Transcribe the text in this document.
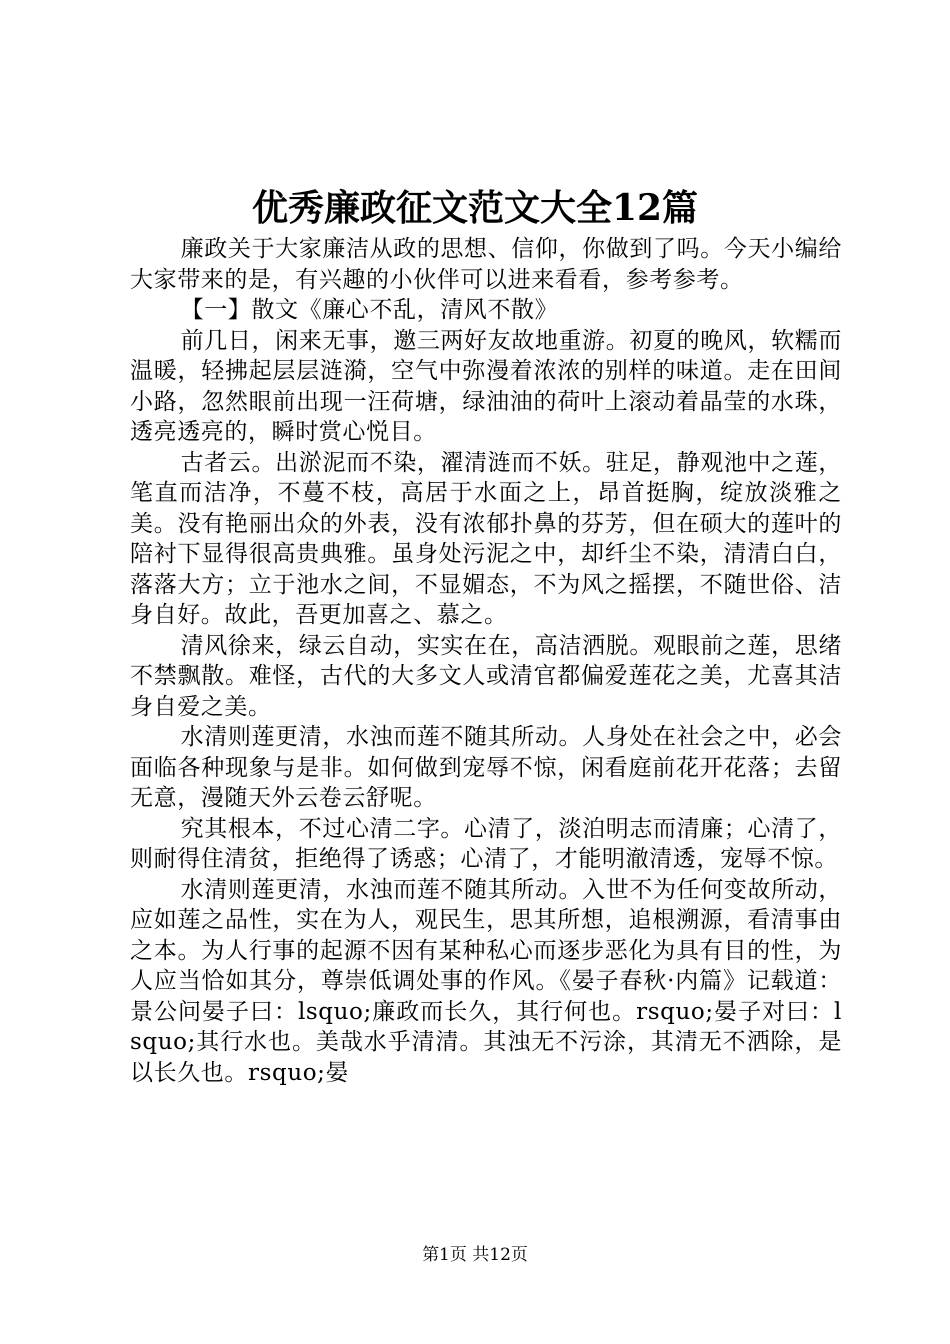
优秀廉政征文范文大全12篇

廉政关于大家廉洁从政的思想、信仰，你做到了吗。今天小编给大家带来的是，有兴趣的小伙伴可以进来看看，参考参考。

【一】散文《廉心不乱，清风不散》

前几日，闲来无事，邀三两好友故地重游。初夏的晚风，软糯而温暖，轻拂起层层涟漪，空气中弥漫着浓浓的别样的味道。走在田间小路，忽然眼前出现一汪荷塘，绿油油的荷叶上滚动着晶莹的水珠，透亮透亮的，瞬时赏心悦目。

古者云。出淤泥而不染，濯清涟而不妖。驻足，静观池中之莲，笔直而洁净，不蔓不枝，高居于水面之上，昂首挺胸，绽放淡雅之美。没有艳丽出众的外表，没有浓郁扑鼻的芬芳，但在硕大的莲叶的陪衬下显得很高贵典雅。虽身处污泥之中，却纤尘不染，清清白白，落落大方；立于池水之间，不显媚态，不为风之摇摆，不随世俗、洁身自好。故此，吾更加喜之、慕之。

清风徐来，绿云自动，实实在在，高洁洒脱。观眼前之莲，思绪不禁飘散。难怪，古代的大多文人或清官都偏爱莲花之美，尤喜其洁身自爱之美。

水清则莲更清，水浊而莲不随其所动。人身处在社会之中，必会面临各种现象与是非。如何做到宠辱不惊，闲看庭前花开花落；去留无意，漫随天外云卷云舒呢。

究其根本，不过心清二字。心清了，淡泊明志而清廉；心清了，则耐得住清贫，拒绝得了诱惑；心清了，才能明澈清透，宠辱不惊。

水清则莲更清，水浊而莲不随其所动。入世不为任何变故所动，应如莲之品性，实在为人，观民生，思其所想，追根溯源，看清事由之本。为人行事的起源不因有某种私心而逐步恶化为具有目的性，为人应当恰如其分，尊崇低调处事的作风。《晏子春秋·内篇》记载道：景公问晏子曰：lsquo;廉政而长久，其行何也。rsquo;晏子对曰：lsquo;其行水也。美哉水乎清清。其浊无不污涂，其清无不洒除，是以长久也。rsquo;晏

第1页 共12页
